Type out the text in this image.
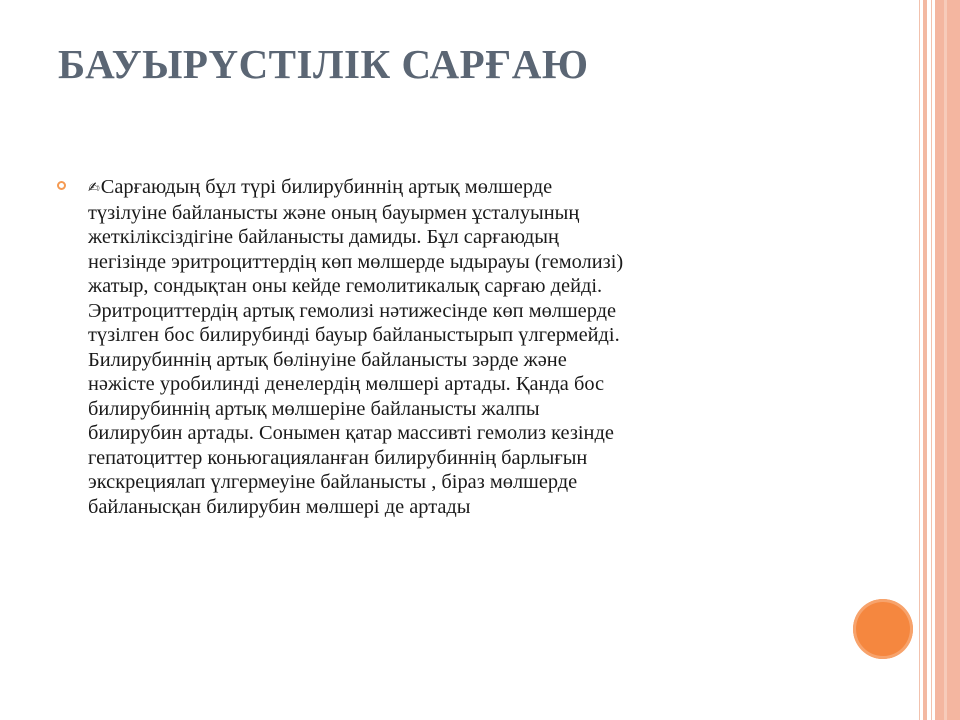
БАУЫРҮСТІЛІК САРҒАЮ
✍Сарғаюдың бұл түрі билирубиннің артық мөлшерде
түзілуіне байланысты және оның бауырмен ұсталуының
жеткіліксіздігіне байланысты дамиды. Бұл сарғаюдың
негізінде эритроциттердің көп мөлшерде ыдырауы (гемолизі)
жатыр, сондықтан оны кейде гемолитикалық сарғаю дейді.
Эритроциттердің артық гемолизі нәтижесінде көп мөлшерде
түзілген бос билирубинді бауыр байланыстырып үлгермейді.
Билирубиннің артық бөлінуіне байланысты зәрде және
нәжісте уробилинді денелердің мөлшері артады. Қанда бос
билирубиннің артық мөлшеріне байланысты жалпы
билирубин артады. Сонымен қатар массивті гемолиз кезінде
гепатоциттер коньюгацияланған билирубиннің барлығын
экскрециялап үлгермеуіне байланысты , біраз мөлшерде
байланысқан билирубин мөлшері де артады
